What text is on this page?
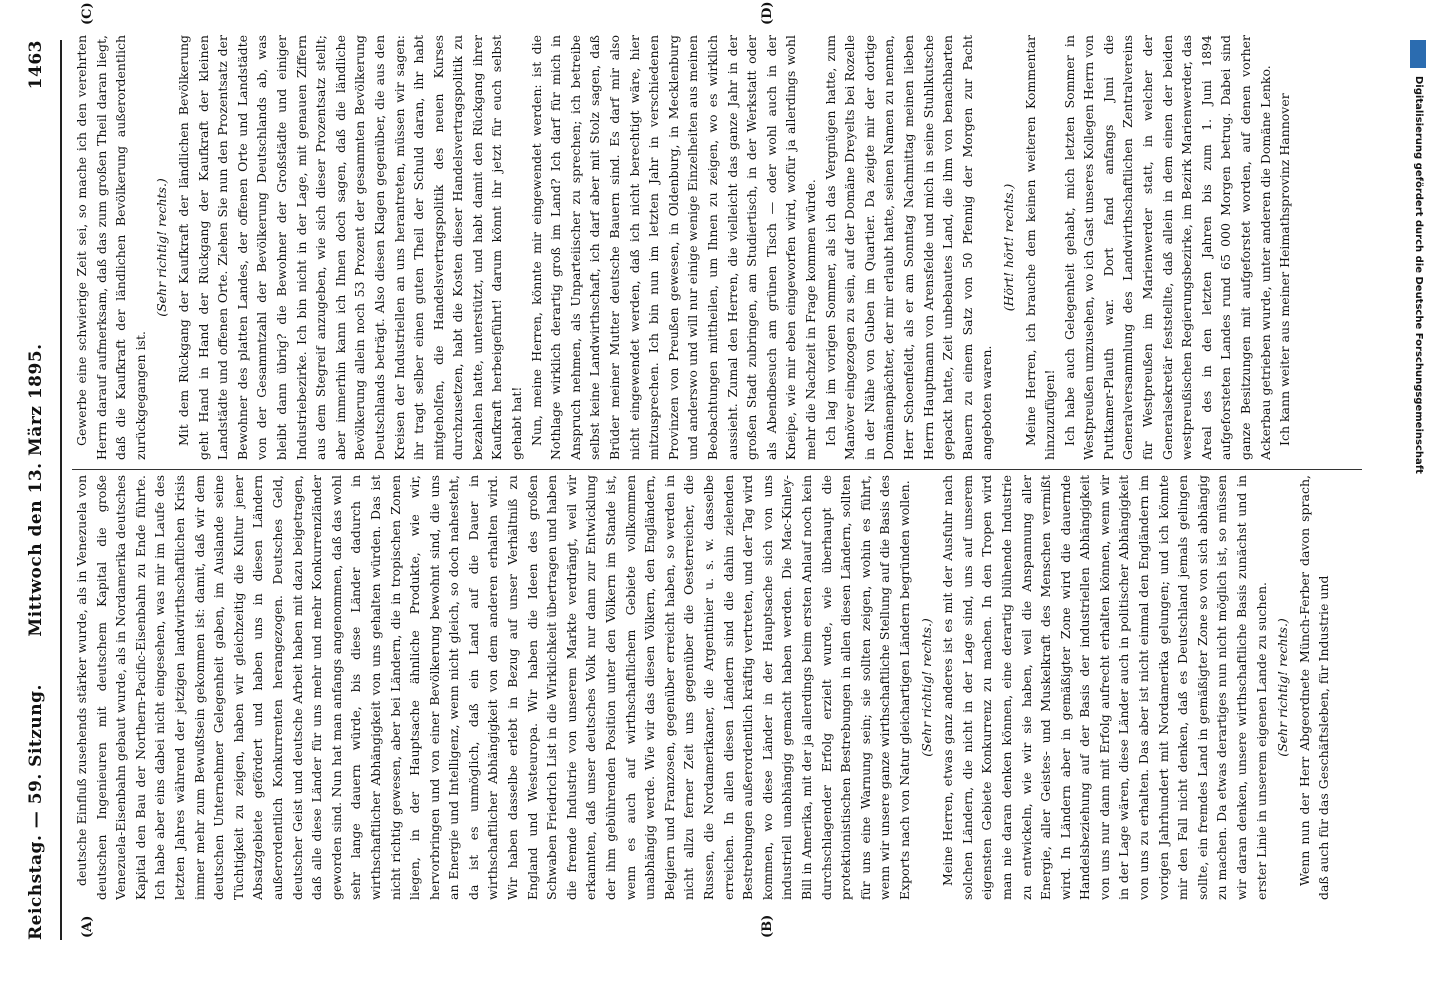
Reichstag. — 59. Sitzung.
Mittwoch den 13. März 1895.
1463
(A)	(B)
(C)	(D)

deutsche Einfluß zusehends stärker wurde, als in Venezuela von deutschen Ingenieuren mit deutschem Kapital die große Venezuela-Eisenbahn gebaut wurde, als in Nordamerika deutsches Kapital den Bau der Northern-Pacific-Eisenbahn zu Ende führte. Ich habe aber eins dabei nicht eingesehen, was mir im Laufe des letzten Jahres während der jetzigen landwirthschaftlichen Krisis immer mehr zum Bewußtsein gekommen ist: damit, daß wir dem deutschen Unternehmer Gelegenheit gaben, im Auslande seine Tüchtigkeit zu zeigen, haben wir gleichzeitig die Kultur jener Absatzgebiete gefördert und haben uns in diesen Ländern außerordentlich Konkurrenten herangezogen. Deutsches Geld, deutscher Geist und deutsche Arbeit haben mit dazu beigetragen, daß alle diese Länder für uns mehr und mehr Konkurrenzländer geworden sind. Nun hat man anfangs angenommen, daß das wohl sehr lange dauern würde, bis diese Länder dadurch in wirthschaftlicher Abhängigkeit von uns gehalten würden. Das ist nicht richtig gewesen, aber bei Ländern, die in tropischen Zonen liegen, in der Hauptsache ähnliche Produkte, wie wir, hervorbringen und von einer Bevölkerung bewohnt sind, die uns an Energie und Intelligenz, wenn nicht gleich, so doch nahesteht, da ist es unmöglich, daß ein Land auf die Dauer in wirthschaftlicher Abhängigkeit von dem anderen erhalten wird. Wir haben dasselbe erlebt in Bezug auf unser Verhältniß zu England und Westeuropa. Wir haben die Ideen des großen Schwaben Friedrich List in die Wirklichkeit übertragen und haben die fremde Industrie von unserem Markte verdrängt, weil wir erkannten, daß unser deutsches Volk nur dann zur Entwicklung der ihm gebührenden Position unter den Völkern im Stande ist, wenn es auch auf wirthschaftlichem Gebiete vollkommen unabhängig werde. Wie wir das diesen Völkern, den Engländern, Belgiern und Franzosen, gegenüber erreicht haben, so werden in nicht allzu ferner Zeit uns gegenüber die Oesterreicher, die Russen, die Nordamerikaner, die Argentinier u. s. w. dasselbe erreichen. In allen diesen Ländern sind die dahin zielenden Bestrebungen außerordentlich kräftig vertreten, und der Tag wird kommen, wo diese Länder in der Hauptsache sich von uns industriell unabhängig gemacht haben werden. Die Mac-Kinley-Bill in Amerika, mit der ja allerdings beim ersten Anlauf noch kein durchschlagender Erfolg erzielt wurde, wie überhaupt die protektionistischen Bestrebungen in allen diesen Ländern, sollten für uns eine Warnung sein; sie sollten zeigen, wohin es führt, wenn wir unsere ganze wirthschaftliche Stellung auf die Basis des Exports nach von Natur gleichartigen Ländern begründen wollen. (Sehr richtig! rechts.) Meine Herren, etwas ganz anderes ist es mit der Ausfuhr nach solchen Ländern, die nicht in der Lage sind, uns auf unserem eigensten Gebiete Konkurrenz zu machen. In den Tropen wird man nie daran denken können, eine derartig blühende Industrie zu entwickeln, wie wir sie haben, weil die Anspannung aller Energie, aller Geistes- und Muskelkraft des Menschen vermißt wird. In Ländern aber in gemäßigter Zone wird die dauernde Handelsbeziehung auf der Basis der industriellen Abhängigkeit von uns nur dann mit Erfolg aufrecht erhalten können, wenn wir in der Lage wären, diese Länder auch in politischer Abhängigkeit von uns zu erhalten. Das aber ist nicht einmal den Engländern im vorigen Jahrhundert mit Nordamerika gelungen; und ich könnte mir den Fall nicht denken, daß es Deutschland jemals gelingen sollte, ein fremdes Land in gemäßigter Zone so von sich abhängig zu machen. Da etwas derartiges nun nicht möglich ist, so müssen wir daran denken, unsere wirthschaftliche Basis zunächst und in erster Linie in unserem eigenen Lande zu suchen. (Sehr richtig! rechts.) Wenn nun der Herr Abgeordnete Münch-Ferber davon sprach, daß auch für das Geschäftsleben, für Industrie und

Gewerbe eine schwierige Zeit sei, so mache ich den verehrten Herrn darauf aufmerksam, daß das zum großen Theil daran liegt, daß die Kaufkraft der ländlichen Bevölkerung außerordentlich zurückgegangen ist.

(Sehr richtig! rechts.) Mit dem Rückgang der Kaufkraft der ländlichen Bevölkerung geht Hand in Hand der Rückgang der Kaufkraft der kleinen Landstädte und offenen Orte. Ziehen Sie nun den Prozentsatz der Bewohner des platten Landes, der offenen Orte und Landstädte von der Gesammtzahl der Bevölkerung Deutschlands ab, was bleibt dann übrig? die Bewohner der Großstädte und einiger Industriebezirke. Ich bin nicht in der Lage, mit genauen Ziffern aus dem Stegreif anzugeben, wie sich dieser Prozentsatz stellt; aber immerhin kann ich Ihnen doch sagen, daß die ländliche Bevölkerung allein noch 53 Prozent der gesammten Bevölkerung Deutschlands beträgt. Also diesen Klagen gegenüber, die aus den Kreisen der Industriellen an uns herantreten, müssen wir sagen: ihr tragt selber einen guten Theil der Schuld daran, ihr habt mitgeholfen, die Handelsvertragspolitik des neuen Kurses durchzusetzen, habt die Kosten dieser Handelsvertragspolitik zu bezahlen hatte, unterstützt, und habt damit den Rückgang ihrer Kaufkraft herbeigeführt! darum könnt ihr jetzt für euch selbst gehabt hat! Nun, meine Herren, könnte mir eingewendet werden: ist die Nothlage wirklich derartig groß im Land? Ich darf für mich in Anspruch nehmen, als Unparteiischer zu sprechen; ich betreibe selbst keine Landwirthschaft, ich darf aber mit Stolz sagen, daß Brüder meiner Mutter deutsche Bauern sind. Es darf mir also nicht eingewendet werden, daß ich nicht berechtigt wäre, hier mitzusprechen. Ich bin nun im letzten Jahr in verschiedenen Provinzen von Preußen gewesen, in Oldenburg, in Mecklenburg und anderswo und will nur einige wenige Einzelheiten aus meinen Beobachtungen mittheilen, um Ihnen zu zeigen, wo es wirklich aussieht. Zumal den Herren, die vielleicht das ganze Jahr in der großen Stadt zubringen, am Studiertisch, in der Werkstatt oder als Abendbesuch am grünen Tisch — oder wohl auch in der Kneipe, wie mir eben eingeworfen wird, wofür ja allerdings wohl mehr die Nachzeit in Frage kommen würde. Ich lag im vorigen Sommer, als ich das Vergnügen hatte, zum Manöver eingezogen zu sein, auf der Domäne Dreyelts bei Rozelle in der Nähe von Guben im Quartier. Da zeigte mir der dortige Domänenpächter, der mir erlaubt hatte, seinen Namen zu nennen, Herr Schoenfeldt, als er am Sonntag Nachmittag meinen lieben Herrn Hauptmann von Arensfelde und mich in seine Stuhlkutsche gepackt hatte, Zeit unbebautes Land, die ihm von benachbarten Bauern zu einem Satz von 50 Pfennig der Morgen zur Pacht angeboten waren.

(Hört! hört! rechts.) Meine Herren, ich brauche dem keinen weiteren Kommentar hinzuzufügen! Ich habe auch Gelegenheit gehabt, mich letzten Sommer in Westpreußen umzusehen, wo ich Gast unseres Kollegen Herrn von Puttkamer-Plauth war. Dort fand anfangs Juni die Generalversammlung des Landwirthschaftlichen Zentralvereins für Westpreußen im Marienwerder statt, in welcher der Generalsekretär feststellte, daß allein in dem einen der beiden westpreußischen Regierungsbezirke, im Bezirk Marienwerder, das Areal des in den letzten Jahren bis zum 1. Juni 1894 aufgeforsteten Landes rund 65 000 Morgen betrug. Dabei sind ganze Besitzungen mit aufgeforstet worden, auf denen vorher Ackerbau getrieben wurde, unter anderen die Domäne Lenko. Ich kann weiter aus meiner Heimathsprovinz Hannover	Digitalisierung gefördert durch die Deutsche Forschungsgemeinschaft
